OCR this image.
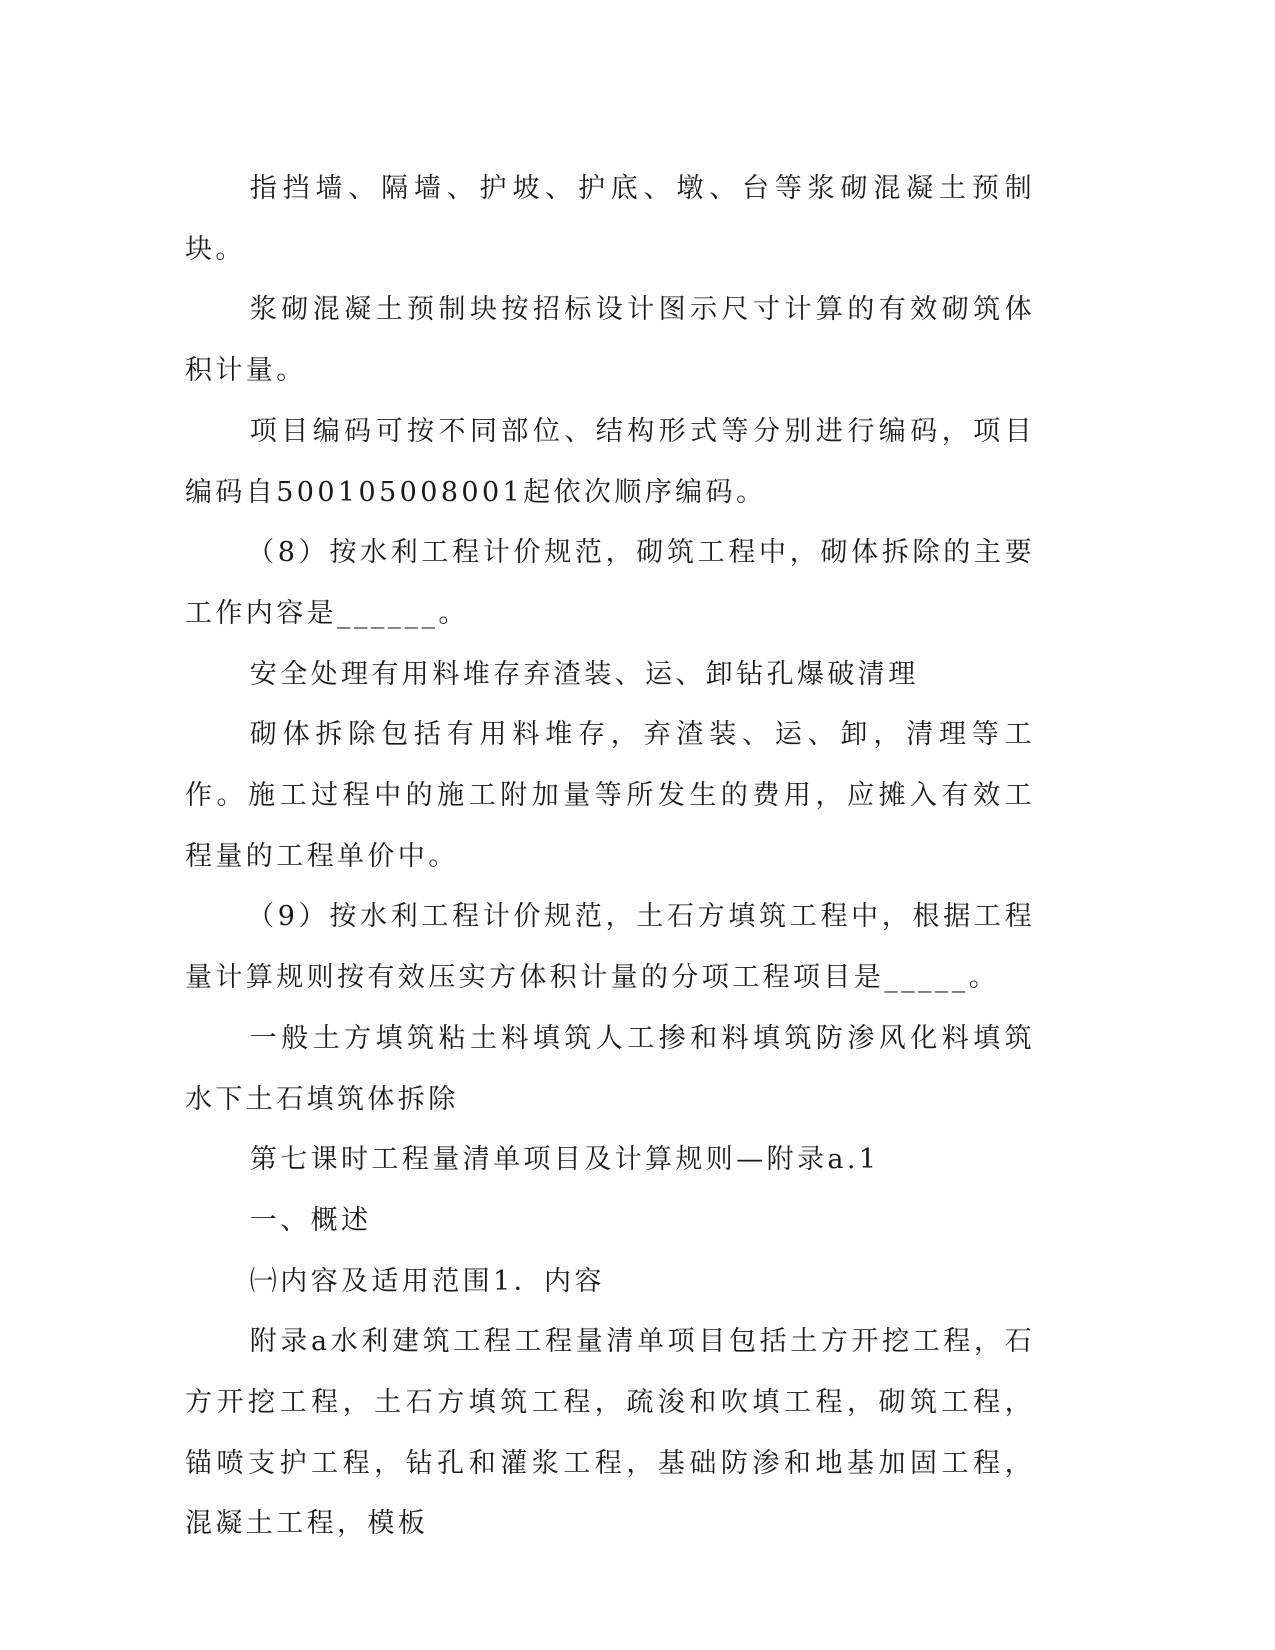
指挡墙、隔墙、护坡、护底、墩、台等浆砌混凝土预制块。

浆砌混凝土预制块按招标设计图示尺寸计算的有效砌筑体积计量。

项目编码可按不同部位、结构形式等分别进行编码，项目编码自500105008001起依次顺序编码。

（8）按水利工程计价规范，砌筑工程中，砌体拆除的主要工作内容是______。

安全处理有用料堆存弃渣装、运、卸钻孔爆破清理

砌体拆除包括有用料堆存，弃渣装、运、卸，清理等工作。施工过程中的施工附加量等所发生的费用，应摊入有效工程量的工程单价中。

（9）按水利工程计价规范，土石方填筑工程中，根据工程量计算规则按有效压实方体积计量的分项工程项目是_____。

一般土方填筑粘土料填筑人工掺和料填筑防渗风化料填筑水下土石填筑体拆除

第七课时工程量清单项目及计算规则—附录a.1

一、概述

㈠内容及适用范围1．内容

附录a水利建筑工程工程量清单项目包括土方开挖工程，石方开挖工程，土石方填筑工程，疏浚和吹填工程，砌筑工程，锚喷支护工程，钻孔和灌浆工程，基础防渗和地基加固工程，混凝土工程，模板
